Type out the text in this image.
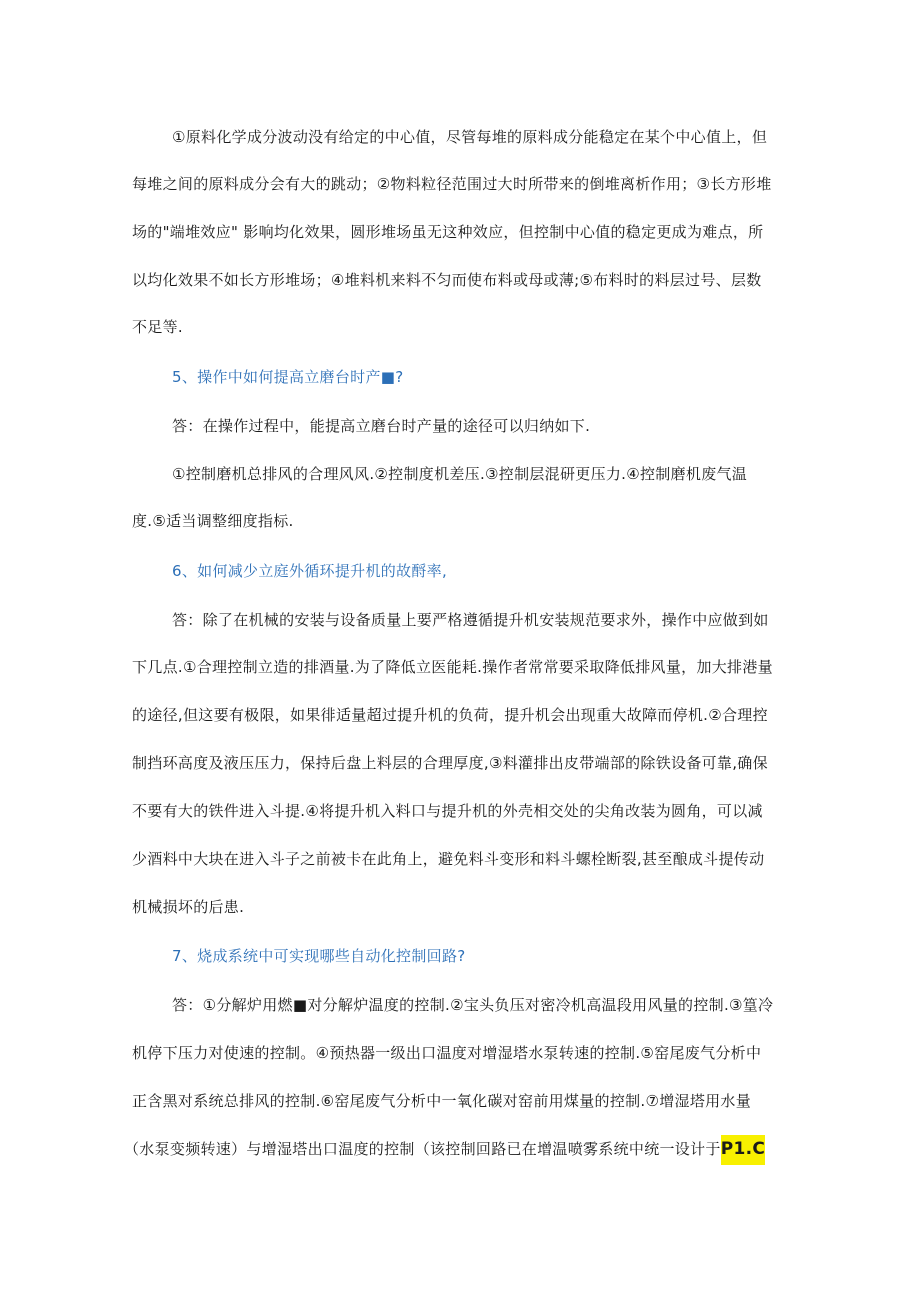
①原料化学成分波动没有给定的中心值，尽管每堆的原料成分能稳定在某个中心值上，但
每堆之间的原料成分会有大的跳动；②物料粒径范围过大时所带来的倒堆离析作用；③长方形堆
场的"端堆效应" 影响均化效果，圆形堆场虽无这种效应，但控制中心值的稳定更成为难点，所
以均化效果不如长方形堆场；④堆料机来料不匀而使布料或母或薄;⑤布料时的料层过号、层数
不足等.
5、操作中如何提高立磨台时产■?
答：在操作过程中，能提高立磨台时产量的途径可以归纳如下.
①控制磨机总排风的合理风风.②控制度机差压.③控制层混研更压力.④控制磨机废气温
度.⑤适当调整细度指标.
6、如何减少立庭外循环提升机的故酹率,
答：除了在机械的安装与设备质量上要严格遵循提升机安装规范要求外，操作中应做到如
下几点.①合理控制立造的排酒量.为了降低立医能耗.操作者常常要采取降低排风量，加大排港量
的途径,但这要有极限，如果徘适量超过提升机的负荷，提升机会出现重大故障而停机.②合理控
制挡环高度及液压压力，保持后盘上料层的合理厚度,③料灌排出皮带端部的除铁设备可靠,确保
不要有大的铁件进入斗提.④将提升机入料口与提升机的外壳相交处的尖角改装为圆角，可以减
少酒料中大块在进入斗子之前被卡在此角上，避免料斗变形和料斗螺栓断裂,甚至酿成斗提传动
机械损坏的后患.
7、烧成系统中可实现哪些自动化控制回路?
答：①分解炉用燃■对分解炉温度的控制.②宝头负压对密冷机高温段用风量的控制.③篁冷
机停下压力对使速的控制。④预热器一级出口温度对增湿塔水泵转速的控制.⑤窑尾废气分析中
正含黑对系统总排风的控制.⑥窑尾废气分析中一氧化碳对窑前用煤量的控制.⑦增湿塔用水量
（水泵变频转速）与增湿塔出口温度的控制（该控制回路已在增温喷雾系统中统一设计于P1.C
